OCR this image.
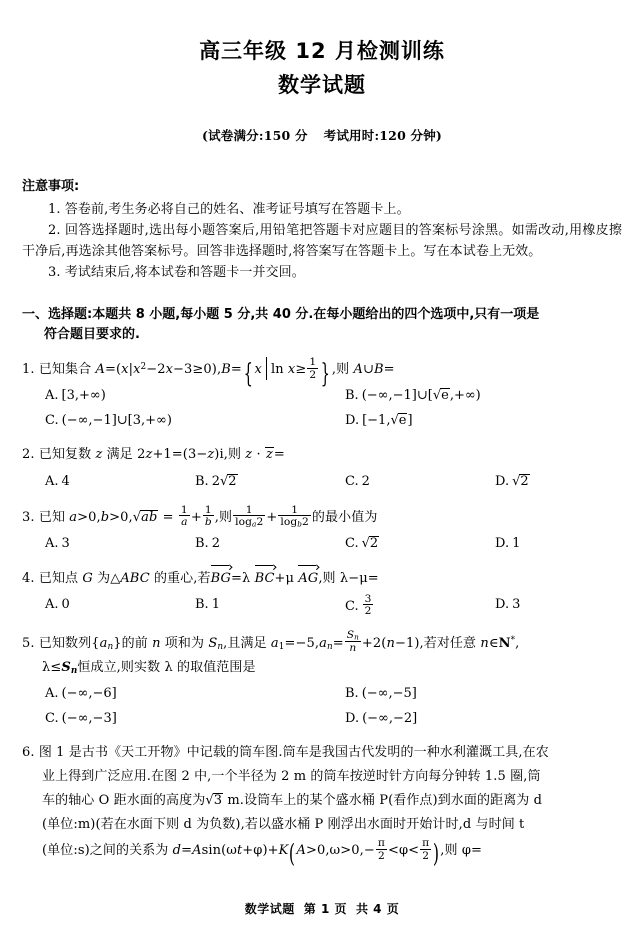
高三年级 12 月检测训练
数学试题

(试卷满分:150 分 考试用时:120 分钟)

注意事项:

1. 答卷前,考生务必将自己的姓名、准考证号填写在答题卡上。

2. 回答选择题时,选出每小题答案后,用铅笔把答题卡对应题目的答案标号涂黑。如需改动,用橡皮擦干净后,再选涂其他答案标号。回答非选择题时,将答案写在答题卡上。写在本试卷上无效。

3. 考试结束后,将本试卷和答题卡一并交回。

一、选择题:本题共 8 小题,每小题 5 分,共 40 分.在每小题给出的四个选项中,只有一项是
符合题目要求的.

1. 已知集合 $A=(x|x^2-2x-3\ge 0),B=${ x $\ln x\ge \frac{1}{2}$ } ,则 A∪B=

A. [3,+∞)	B. (−∞,−1]∪[√e,+∞)
C. (−∞,−1]∪[3,+∞)	D. [−1,√e]

2. 已知复数 z 满足 2z+1=(3−z)i,则 z · z=

A. 4	B. 2√2	C. 2	D. √2

3. 已知 $a>0,b>0,√ab = \frac{1}{a} + \frac{1}{b}$ ,则 $\frac{1}{\log_a2} + \frac{1}{\log_b2}$ 的最小值为

A. 3	B. 2	C. √2	D. 1

4. 已知点 G 为△ABC 的重心,若BG=λ BC+μ AG,则 λ−μ=

A. 0	B. 1	C. $\frac{3}{2}$	D. 3

5. 已知数列$\{a_n\}$的前 n 项和为 $S_n$,且满足 $a_1=-5,a_n= \frac{S_n}{n} +2(n-1)$,若对任意 n∈N*,
$\lambda\le S_n$恒成立,则实数 λ 的取值范围是

A. (−∞,−6]	B. (−∞,−5]
C. (−∞,−3]	D. (−∞,−2]

6. 图 1 是古书《天工开物》中记载的筒车图.筒车是我国古代发明的一种水利灌溉工具,在农
业上得到广泛应用.在图 2 中,一个半径为 2 m 的筒车按逆时针方向每分钟转 1.5 圈,筒
车的轴心 O 距水面的高度为√3 m.设筒车上的某个盛水桶 P(看作点)到水面的距离为 d
(单位:m)(若在水面下则 d 为负数),若以盛水桶 P 刚浮出水面时开始计时,d 与时间 t
(单位:s)之间的关系为 $d=Asin(\omega t+\varphi)+K(A>0,\omega>0,- \frac{\pi}{2} <\varphi< \frac{\pi}{2}$ ),则 φ=

数学试题 第 1 页 共 4 页
